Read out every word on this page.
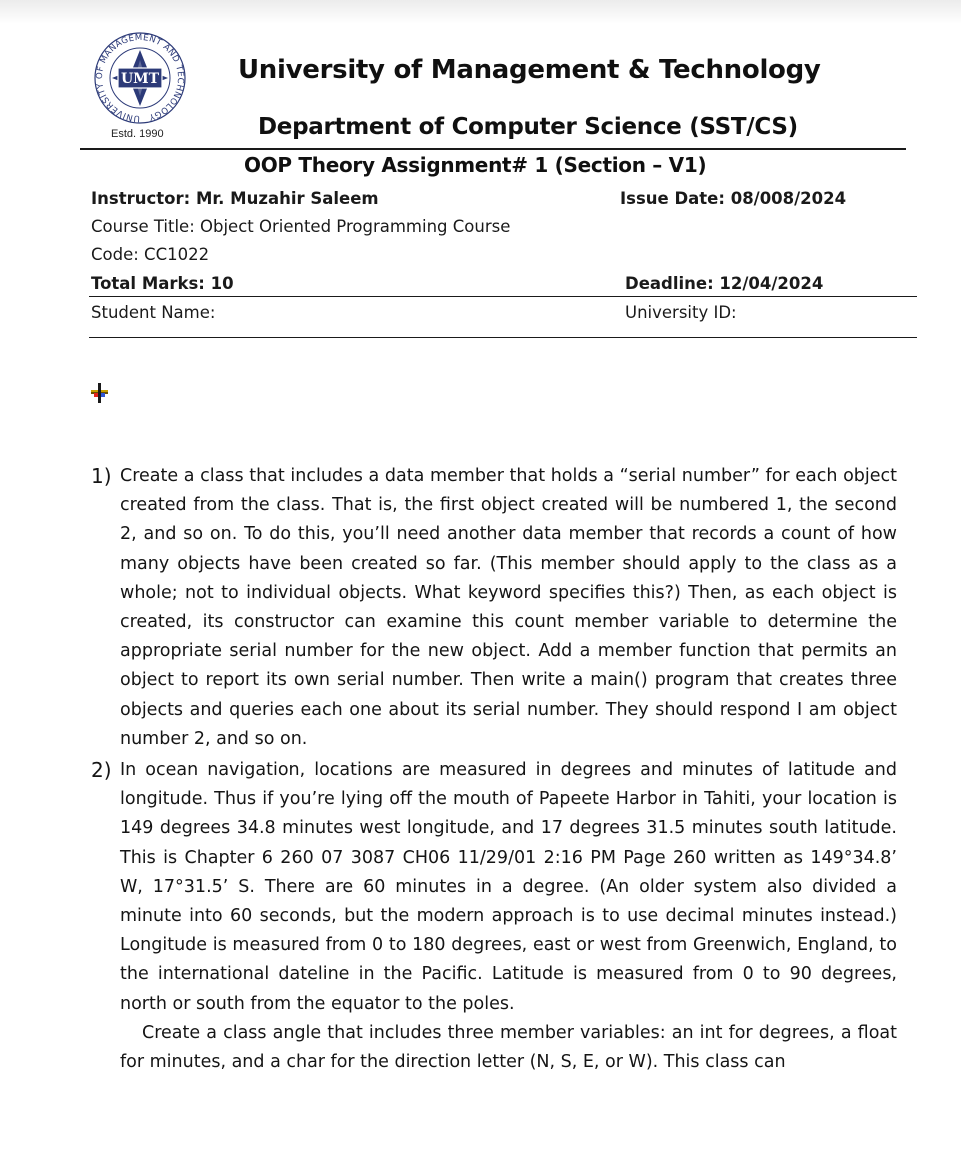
UNIVERSITY OF MANAGEMENT AND TECHNOLOGY
UMT
Estd. 1990
University of Management & Technology
Department of Computer Science (SST/CS)
OOP Theory Assignment# 1 (Section – V1)
Instructor: Mr. Muzahir Saleem	Issue Date: 08/008/2024
Course Title: Object Oriented Programming Course
Code: CC1022
Total Marks: 10	Deadline: 12/04/2024
Student Name:	University ID:
1) Create a class that includes a data member that holds a “serial number” for each object created from the class. That is, the first object created will be numbered 1, the second 2, and so on. To do this, you’ll need another data member that records a count of how many objects have been created so far. (This member should apply to the class as a whole; not to individual objects. What keyword specifies this?) Then, as each object is created, its constructor can examine this count member variable to determine the appropriate serial number for the new object. Add a member function that permits an object to report its own serial number. Then write a main() program that creates three objects and queries each one about its serial number. They should respond I am object number 2, and so on.

2) In ocean navigation, locations are measured in degrees and minutes of latitude and longitude. Thus if you’re lying off the mouth of Papeete Harbor in Tahiti, your location is 149 degrees 34.8 minutes west longitude, and 17 degrees 31.5 minutes south latitude. This is Chapter 6 260 07 3087 CH06 11/29/01 2:16 PM Page 260 written as 149°34.8’ W, 17°31.5’ S. There are 60 minutes in a degree. (An older system also divided a minute into 60 seconds, but the modern approach is to use decimal minutes instead.) Longitude is measured from 0 to 180 degrees, east or west from Greenwich, England, to the international dateline in the Pacific. Latitude is measured from 0 to 90 degrees, north or south from the equator to the poles.

Create a class angle that includes three member variables: an int for degrees, a float for minutes, and a char for the direction letter (N, S, E, or W). This class can
